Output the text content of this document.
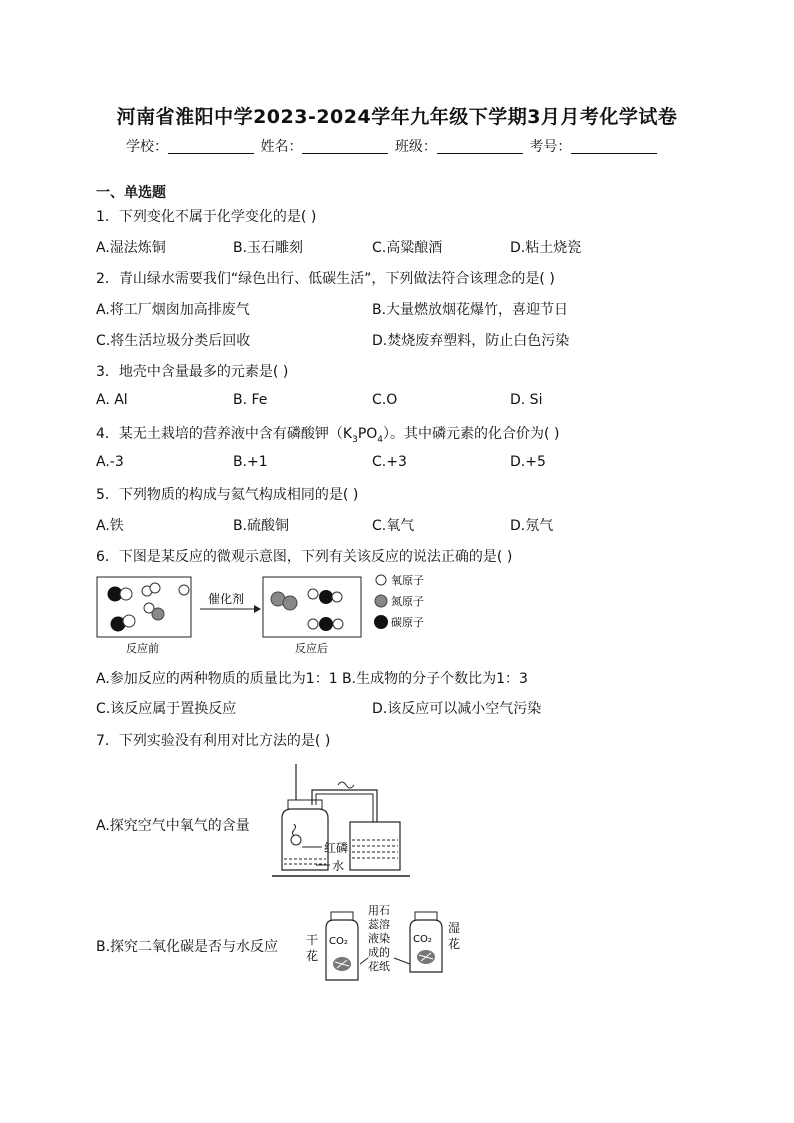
河南省淮阳中学2023-2024学年九年级下学期3月月考化学试卷
学校：	姓名：	班级：	考号：
一、单选题
1．下列变化不属于化学变化的是( )
A.湿法炼铜	B.玉石雕刻	C.高粱酿酒	D.粘土烧瓷
2．青山绿水需要我们“绿色出行、低碳生活”，下列做法符合该理念的是( )
A.将工厂烟囱加高排废气	B.大量燃放烟花爆竹，喜迎节日
C.将生活垃圾分类后回收	D.焚烧废弃塑料，防止白色污染
3．地壳中含量最多的元素是( )
A. Al	B. Fe	C.O	D. Si
4．某无土栽培的营养液中含有磷酸钾$(K_3PO_4)$。其中磷元素的化合价为( )
A.-3	B.+1	C.+3	D.+5
5．下列物质的构成与氦气构成相同的是( )
A.铁	B.硫酸铜	C.氧气	D.氖气
6．下图是某反应的微观示意图，下列有关该反应的说法正确的是( )
反应前
催化剂
反应后
氧原子
氮原子
碳原子
A.参加反应的两种物质的质量比为1：1 B.生成物的分子个数比为1：3
C.该反应属于置换反应	D.该反应可以减小空气污染
7．下列实验没有利用对比方法的是( )
A.探究空气中氧气的含量
红磷
水
B.探究二氧化碳是否与水反应 干
花
CO₂
用石
蕊溶
液染
成的
花纸
CO₂
湿
花
